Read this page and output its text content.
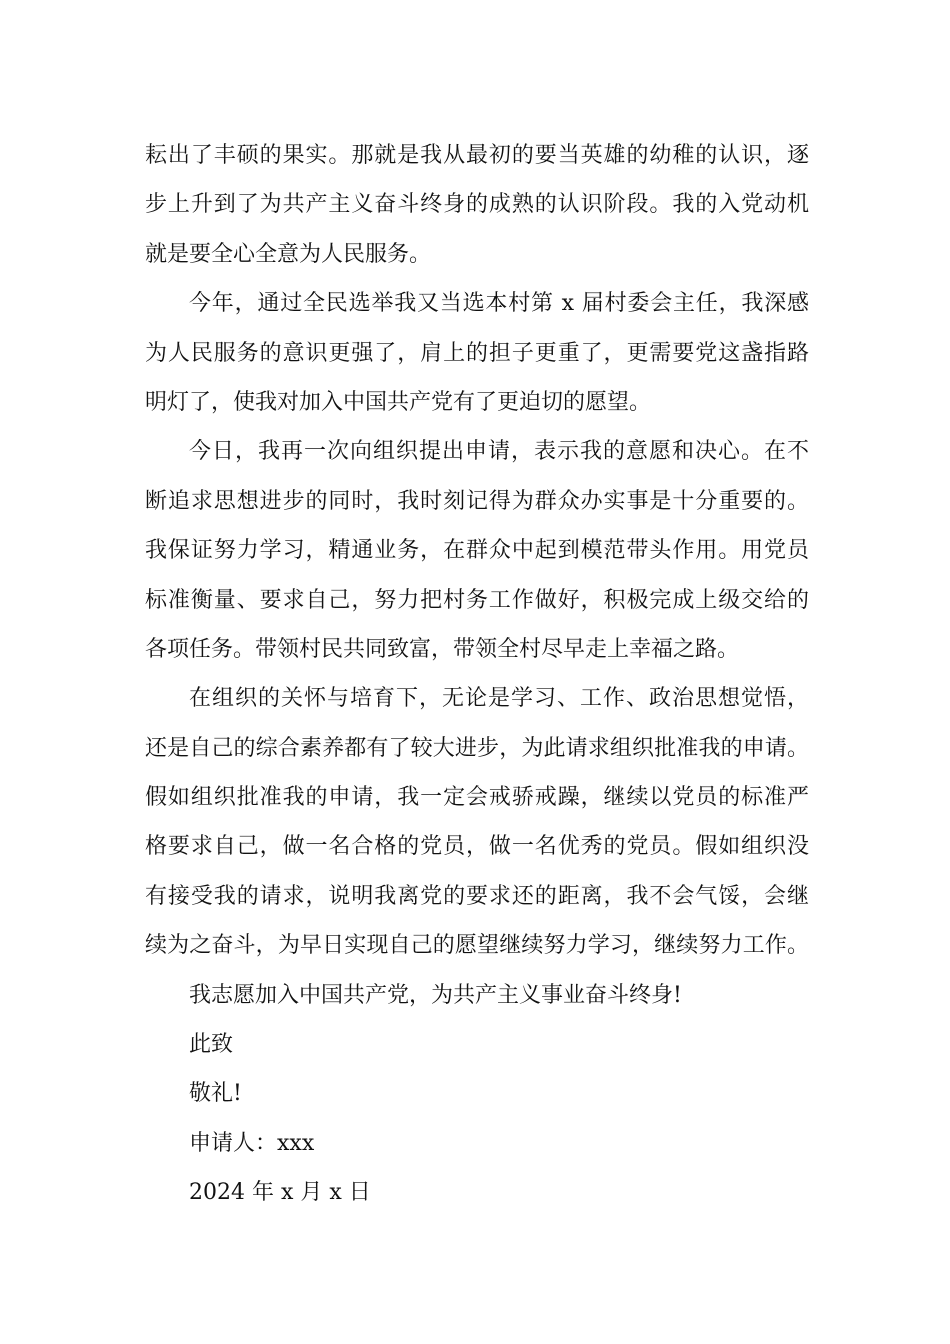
耘出了丰硕的果实。那就是我从最初的要当英雄的幼稚的认识，逐
步上升到了为共产主义奋斗终身的成熟的认识阶段。我的入党动机
就是要全心全意为人民服务。
今年，通过全民选举我又当选本村第 x 届村委会主任，我深感
为人民服务的意识更强了，肩上的担子更重了，更需要党这盏指路
明灯了，使我对加入中国共产党有了更迫切的愿望。
今日，我再一次向组织提出申请，表示我的意愿和决心。在不
断追求思想进步的同时，我时刻记得为群众办实事是十分重要的。
我保证努力学习，精通业务，在群众中起到模范带头作用。用党员
标准衡量、要求自己，努力把村务工作做好，积极完成上级交给的
各项任务。带领村民共同致富，带领全村尽早走上幸福之路。
在组织的关怀与培育下，无论是学习、工作、政治思想觉悟，
还是自己的综合素养都有了较大进步，为此请求组织批准我的申请。
假如组织批准我的申请，我一定会戒骄戒躁，继续以党员的标准严
格要求自己，做一名合格的党员，做一名优秀的党员。假如组织没
有接受我的请求，说明我离党的要求还的距离，我不会气馁，会继
续为之奋斗，为早日实现自己的愿望继续努力学习，继续努力工作。
我志愿加入中国共产党，为共产主义事业奋斗终身!
此致
敬礼!
申请人：xxx
2024 年 x 月 x 日
